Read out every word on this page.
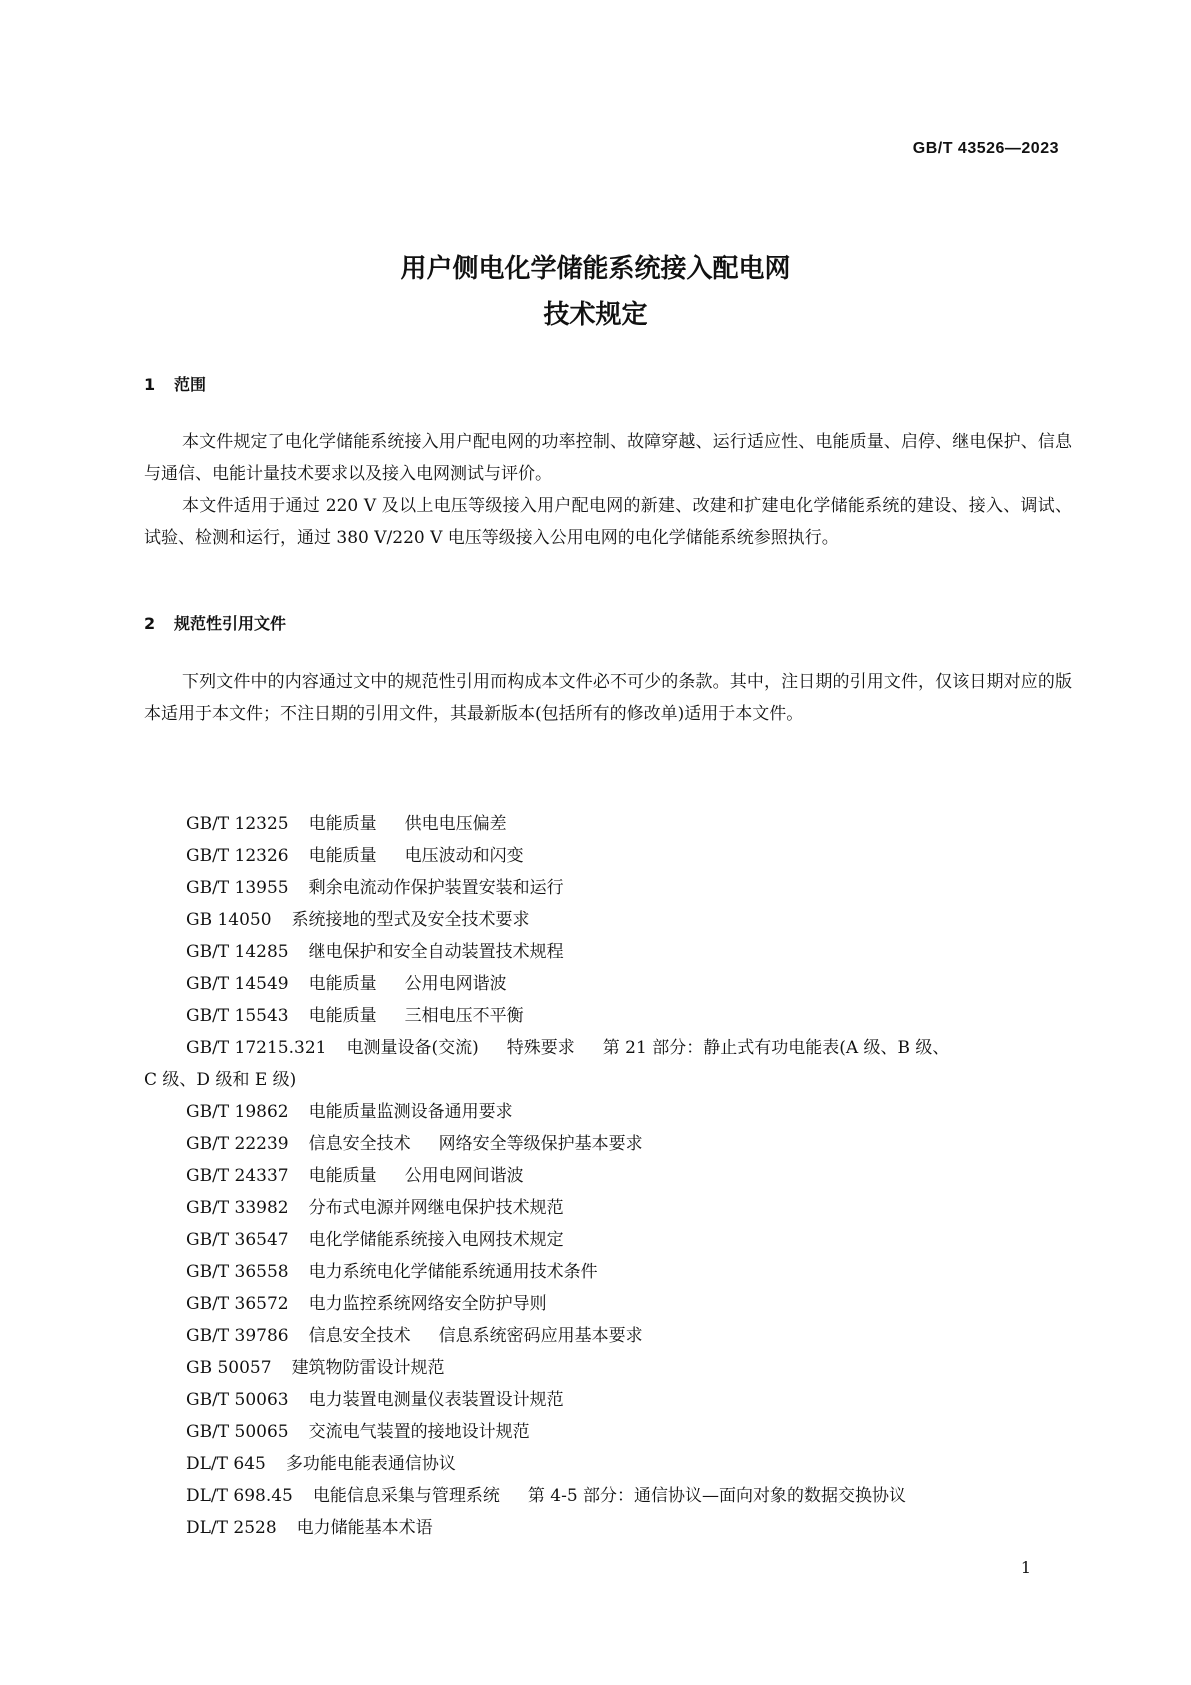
GB/T 43526—2023
用户侧电化学储能系统接入配电网
技术规定
1 范围
本文件规定了电化学储能系统接入用户配电网的功率控制、故障穿越、运行适应性、电能质量、启停、继电保护、信息与通信、电能计量技术要求以及接入电网测试与评价。
本文件适用于通过 220 V 及以上电压等级接入用户配电网的新建、改建和扩建电化学储能系统的建设、接入、调试、试验、检测和运行，通过 380 V/220 V 电压等级接入公用电网的电化学储能系统参照执行。
2 规范性引用文件
下列文件中的内容通过文中的规范性引用而构成本文件必不可少的条款。其中，注日期的引用文件，仅该日期对应的版本适用于本文件；不注日期的引用文件，其最新版本(包括所有的修改单)适用于本文件。
GB/T 12325 电能质量 供电电压偏差
GB/T 12326 电能质量 电压波动和闪变
GB/T 13955 剩余电流动作保护装置安装和运行
GB 14050 系统接地的型式及安全技术要求
GB/T 14285 继电保护和安全自动装置技术规程
GB/T 14549 电能质量 公用电网谐波
GB/T 15543 电能质量 三相电压不平衡
GB/T 17215.321 电测量设备(交流) 特殊要求 第 21 部分：静止式有功电能表(A 级、B 级、
C 级、D 级和 E 级)
GB/T 19862 电能质量监测设备通用要求
GB/T 22239 信息安全技术 网络安全等级保护基本要求
GB/T 24337 电能质量 公用电网间谐波
GB/T 33982 分布式电源并网继电保护技术规范
GB/T 36547 电化学储能系统接入电网技术规定
GB/T 36558 电力系统电化学储能系统通用技术条件
GB/T 36572 电力监控系统网络安全防护导则
GB/T 39786 信息安全技术 信息系统密码应用基本要求
GB 50057 建筑物防雷设计规范
GB/T 50063 电力装置电测量仪表装置设计规范
GB/T 50065 交流电气装置的接地设计规范
DL/T 645 多功能电能表通信协议
DL/T 698.45 电能信息采集与管理系统 第 4-5 部分：通信协议—面向对象的数据交换协议
DL/T 2528 电力储能基本术语
1
